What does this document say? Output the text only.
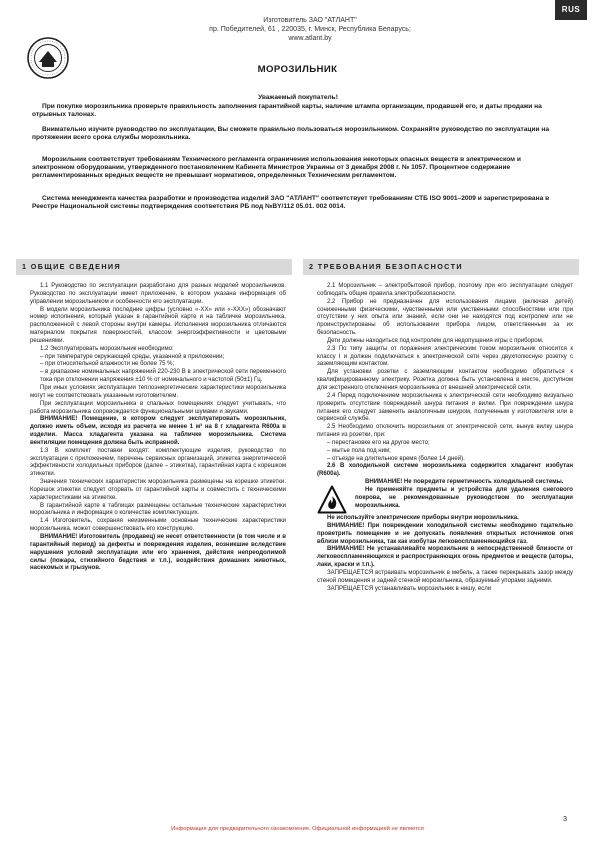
RUS
Изготовитель ЗАО "АТЛАНТ"
пр. Победителей, 61 , 220035, г. Минск, Республика Беларусь;
www.atlant.by
МОРОЗИЛЬНИК

Уважаемый покупатель!

При покупке морозильника проверьте правильность заполнения гарантийной карты, наличие штампа организации, продавшей его, и даты продажи на отрывных талонах.

Внимательно изучите руководство по эксплуатации, Вы сможете правильно пользоваться морозильником. Сохраняйте руководство по эксплуатации на протяжении всего срока службы морозильника.

Морозильник соответствует требованиям Технического регламента ограничения использования некоторых опасных веществ в электрическом и электронном оборудовании, утвержденного постановлением Кабинета Министров Украины от 3 декабря 2008 г. № 1057. Процентное содержание регламентированных вредных веществ не превышает нормативов, определенных Техническим регламентом.

Система менеджмента качества разработки и производства изделий ЗАО "АТЛАНТ" соответствует требованиям СТБ ISO 9001–2009 и зарегистрирована в Реестре Национальной системы подтверждения соответствия РБ под №BY/112 05.01. 002 0014.

1 ОБЩИЕ СВЕДЕНИЯ

1.1 Руководство по эксплуатации разработано для разных моделей морозильников. Руководство по эксплуатации имеет приложение, в котором указана информация об управлении морозильником и особенности его эксплуатации.

В модели морозильника последние цифры (условно «-ХХ» или «-ХХХ») обозначают номер исполнения, который указан в гарантийной карте и на табличке морозильника, расположенной с левой стороны внутри камеры. Исполнения морозильника отличаются материалом покрытия поверхностей, классом энергоэффективности и цветовыми решениями.

1.2 Эксплуатировать морозильник необходимо:

– при температуре окружающей среды, указанной в приложении;

– при относительной влажности не более 75 %;

– в диапазоне номинальных напряжений 220-230 В в электрической сети переменного тока при отклонении напряжения ±10 % от номинального и частотой (50±1) Гц.

При иных условиях эксплуатации теплоэнергетические характеристики морозильника могут не соответствовать указанным изготовителем.

При эксплуатации морозильника в спальных помещениях следует учитывать, что работа морозильника сопровождается функциональными шумами и звуками.

ВНИМАНИЕ! Помещение, в котором следует эксплуатировать морозильник, должно иметь объем, исходя из расчета не менее 1 м³ на 8 г хладагента R600а в изделии. Масса хладагента указана на табличке морозильника. Система вентиляции помещения должна быть исправной.

1.3 В комплект поставки входят: комплектующие изделия, руководство по эксплуатации с приложением, перечень сервисных организаций, этикетка энергетической эффективности холодильных приборов (далее – этикетка), гарантийная карта с корешком этикетки.

Значения технических характеристик морозильника размещены на корешке этикетки. Корешок этикетки следует оторвать от гарантийной карты и совместить с техническими характеристиками на этикетке.

В гарантийной карте в таблицах размещены остальные технические характеристики морозильника и информация о количестве комплектующих.

1.4 Изготовитель, сохраняя неизменными основные технические характеристики морозильника, может совершенствовать его конструкцию.

ВНИМАНИЕ! Изготовитель (продавец) не несет ответственности (в том числе и в гарантийный период) за дефекты и повреждения изделия, возникшие вследствие нарушения условий эксплуатации или его хранения, действия непреодолимой силы (пожара, стихийного бедствия и т.п.), воздействия домашних животных, насекомых и грызунов.

2 ТРЕБОВАНИЯ БЕЗОПАСНОСТИ

2.1 Морозильник – электробытовой прибор, поэтому при его эксплуатации следует соблюдать общие правила электробезопасности.

2.2 Прибор не предназначен для использования лицами (включая детей) сониженными физическими, чувственными или умственными способностями или при отсутствии у них опыта или знаний, если они не находятся под контролем или не проинструктированы об использовании прибора лицом, ответственным за их безопасность.

Дети должны находиться под контролем для недопущения игры с прибором.

2.3 По типу защиты от поражения электрическим током морозильник относится к классу I и должен подключаться к электрической сети через двухполюсную розетку с заземляющим контактом.

Для установки розетки с заземляющим контактом необходимо обратиться к квалифицированному электрику. Розетка должна быть установлена в месте, доступном для экстренного отключения морозильника от внешней электрической сети.

2.4 Перед подключением морозильника к электрической сети необходимо визуально проверить отсутствие повреждений шнура питания и вилки. При повреждении шнура питания его следует заменить аналогичным шнуром, полученным у изготовителя или в сервисной службе.

2.5 Необходимо отключить морозильник от электрической сети, вынув вилку шнура питания из розетки, при:

– перестановке его на другое место;

– мытье пола под ним;

– отъезде на длительное время (более 14 дней).

2.6 В холодильной системе морозильника содержится хладагент изобутан (R600а).

ВНИМАНИЕ! Не повредите герметичность холодильной системы.

Не применяйте предметы и устройства для удаления снегового покрова, не рекомендованные руководством по эксплуатации морозильника.

Не используйте электрические приборы внутри морозильника.

ВНИМАНИЕ! При повреждении холодильной системы необходимо тщательно проветрить помещение и не допускать появления открытых источников огня вблизи морозильника, так как изобутан легковоспламеняющийся газ.

ВНИМАНИЕ! Не устанавливайте морозильник в непосредственной близости от легковоспламеняющихся и распространяющих огонь предметов и веществ (шторы, лаки, краски и т.п.).

ЗАПРЕЩАЕТСЯ встраивать морозильник в мебель, а также перекрывать зазор между стеной помещения и задней стенкой морозильника, образуемый упорами задними.

ЗАПРЕЩАЕТСЯ устанавливать морозильник в нишу, если

3
Информация для предварительного ознакомления. Официальной информацией не является
